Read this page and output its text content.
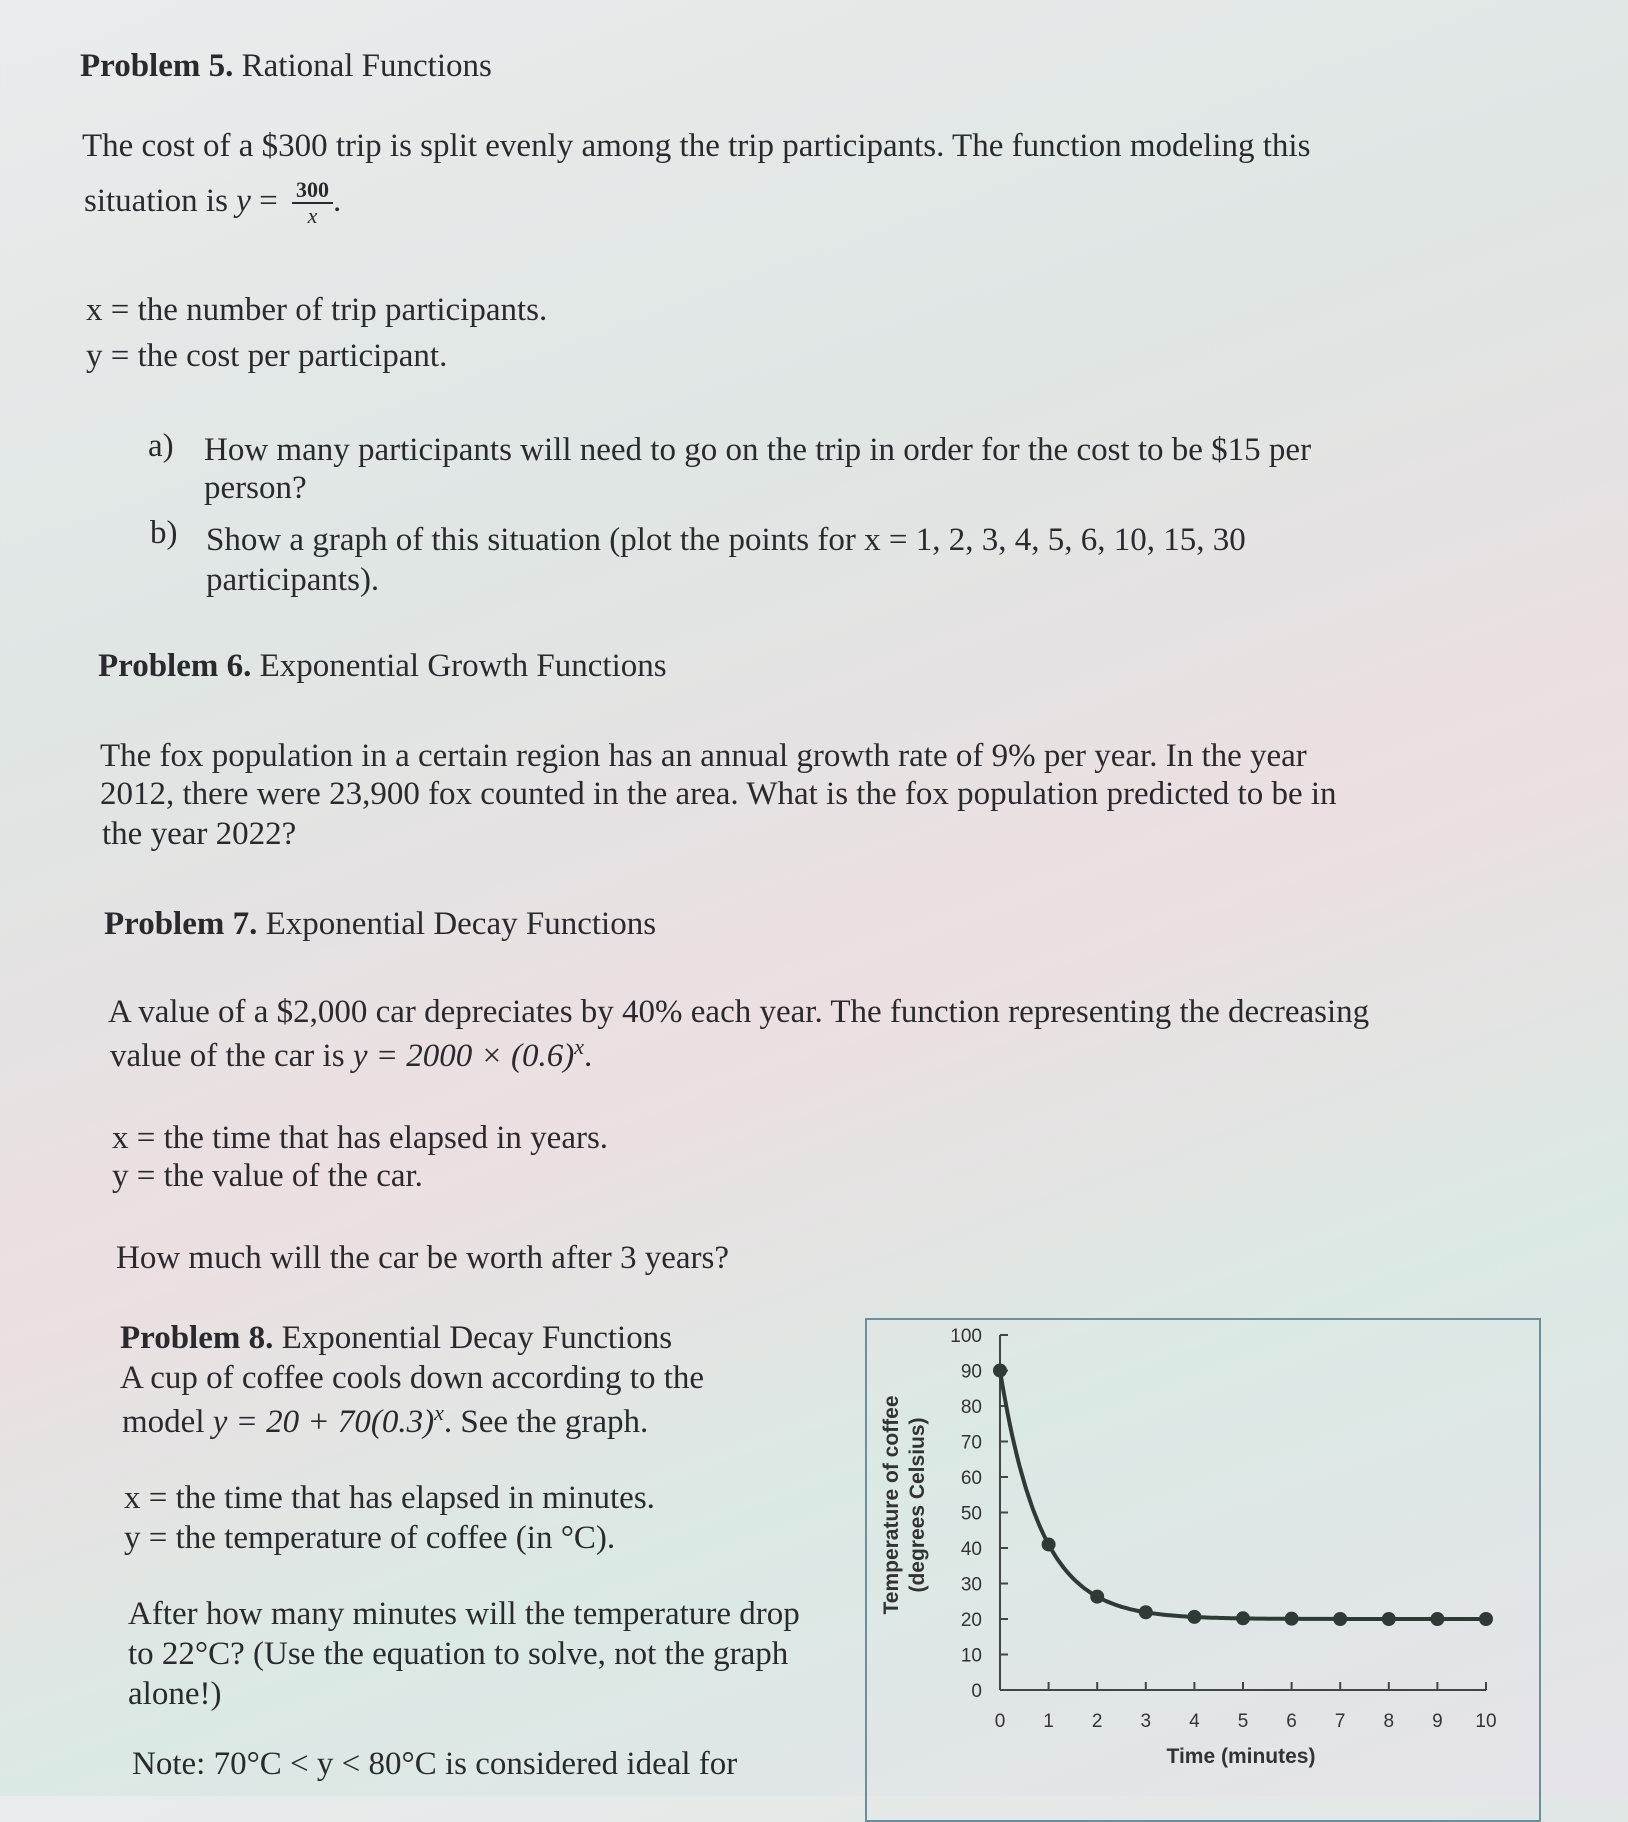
Problem 5. Rational Functions
The cost of a $300 trip is split evenly among the trip participants. The function modeling this
situation is $y = \frac{300}{x}$ .
x = the number of trip participants.
y = the cost per participant.
a) How many participants will need to go on the trip in order for the cost to be $15 per
person?
b) Show a graph of this situation (plot the points for x = 1, 2, 3, 4, 5, 6, 10, 15, 30
participants).
Problem 6. Exponential Growth Functions
The fox population in a certain region has an annual growth rate of 9% per year. In the year
2012, there were 23,900 fox counted in the area. What is the fox population predicted to be in
the year 2022?
Problem 7. Exponential Decay Functions
A value of a $2,000 car depreciates by 40% each year. The function representing the decreasing
value of the car is $y = 2000 \times (0.6)^x$.
x = the time that has elapsed in years.
y = the value of the car.
How much will the car be worth after 3 years?
Problem 8. Exponential Decay Functions
A cup of coffee cools down according to the
model $y = 20 + 70(0.3)^x$. See the graph.
x = the time that has elapsed in minutes.
y = the temperature of coffee (in °C).
After how many minutes will the temperature drop
to 22°C? (Use the equation to solve, not the graph
alone!)
Note: 70°C < y < 80°C is considered ideal for
0
10
20
30
40
50
60
70
80
90
100
0 1 2 3 4 5 6 7 8 9 10
Temperature of coffee (degrees Celsius)
Time (minutes)
